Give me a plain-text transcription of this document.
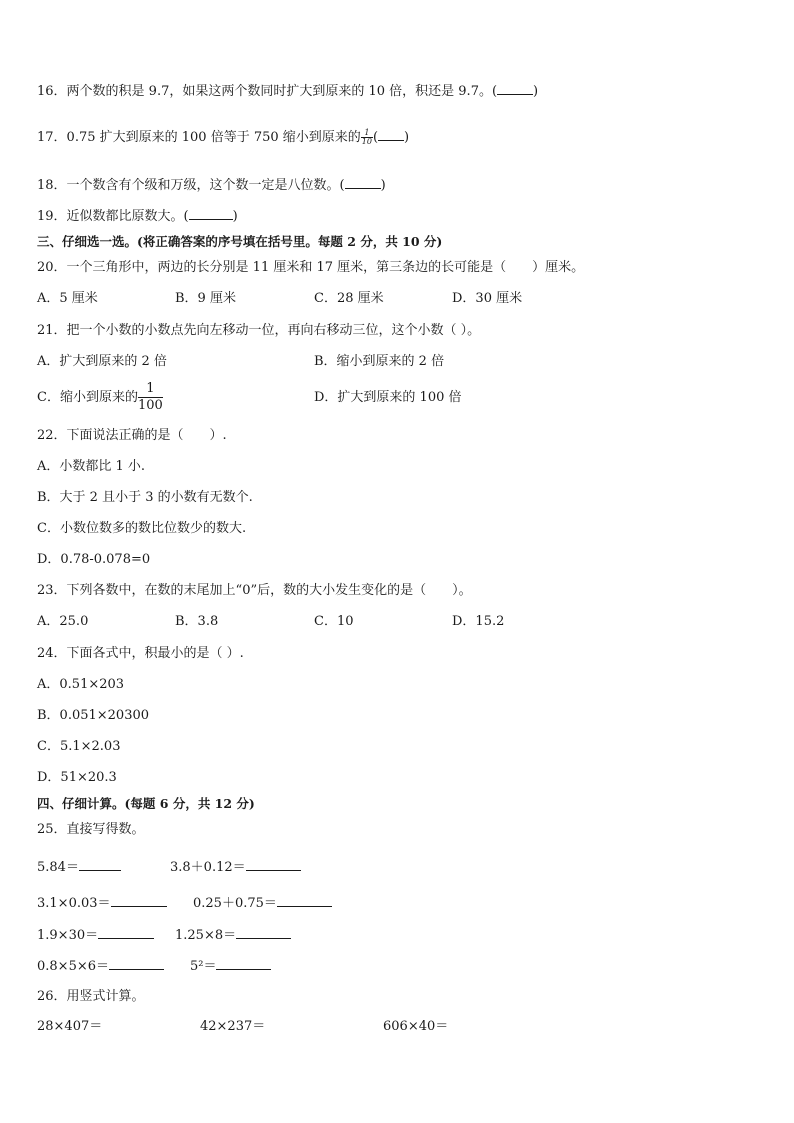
16．两个数的积是 9.7，如果这两个数同时扩大到原来的 10 倍，积还是 9.7。(	)
17．0.75 扩大到原来的 100 倍等于 750 缩小到原来的 $\frac{1}{10}$ ( )
18．一个数含有个级和万级，这个数一定是八位数。(	)
19．近似数都比原数大。(	)
三、仔细选一选。(将正确答案的序号填在括号里。每题 2 分，共 10 分)
20．一个三角形中，两边的长分别是 11 厘米和 17 厘米，第三条边的长可能是（　　）厘米。
A．5 厘米	B．9 厘米	C．28 厘米	D．30 厘米
21．把一个小数的小数点先向左移动一位，再向右移动三位，这个小数（ ）。
A．扩大到原来的 2 倍	B．缩小到原来的 2 倍
C．缩小到原来的 $\frac{1}{100}$	D．扩大到原来的 100 倍
22．下面说法正确的是（　　）.
A．小数都比 1 小.
B．大于 2 且小于 3 的小数有无数个.
C．小数位数多的数比位数少的数大.
D．0.78-0.078=0
23．下列各数中，在数的末尾加上“0”后，数的大小发生变化的是（　　）。
A．25.0	B．3.8	C．10	D．15.2
24．下面各式中，积最小的是（ ）.
A．0.51×203
B．0.051×20300
C．5.1×2.03
D．51×20.3
四、仔细计算。(每题 6 分，共 12 分)
25．直接写得数。
5.84＝	3.8＋0.12＝
3.1×0.03＝	0.25＋0.75＝
1.9×30＝	1.25×8＝
0.8×5×6＝	5²＝
26．用竖式计算。
28×407＝	42×237＝	606×40＝
